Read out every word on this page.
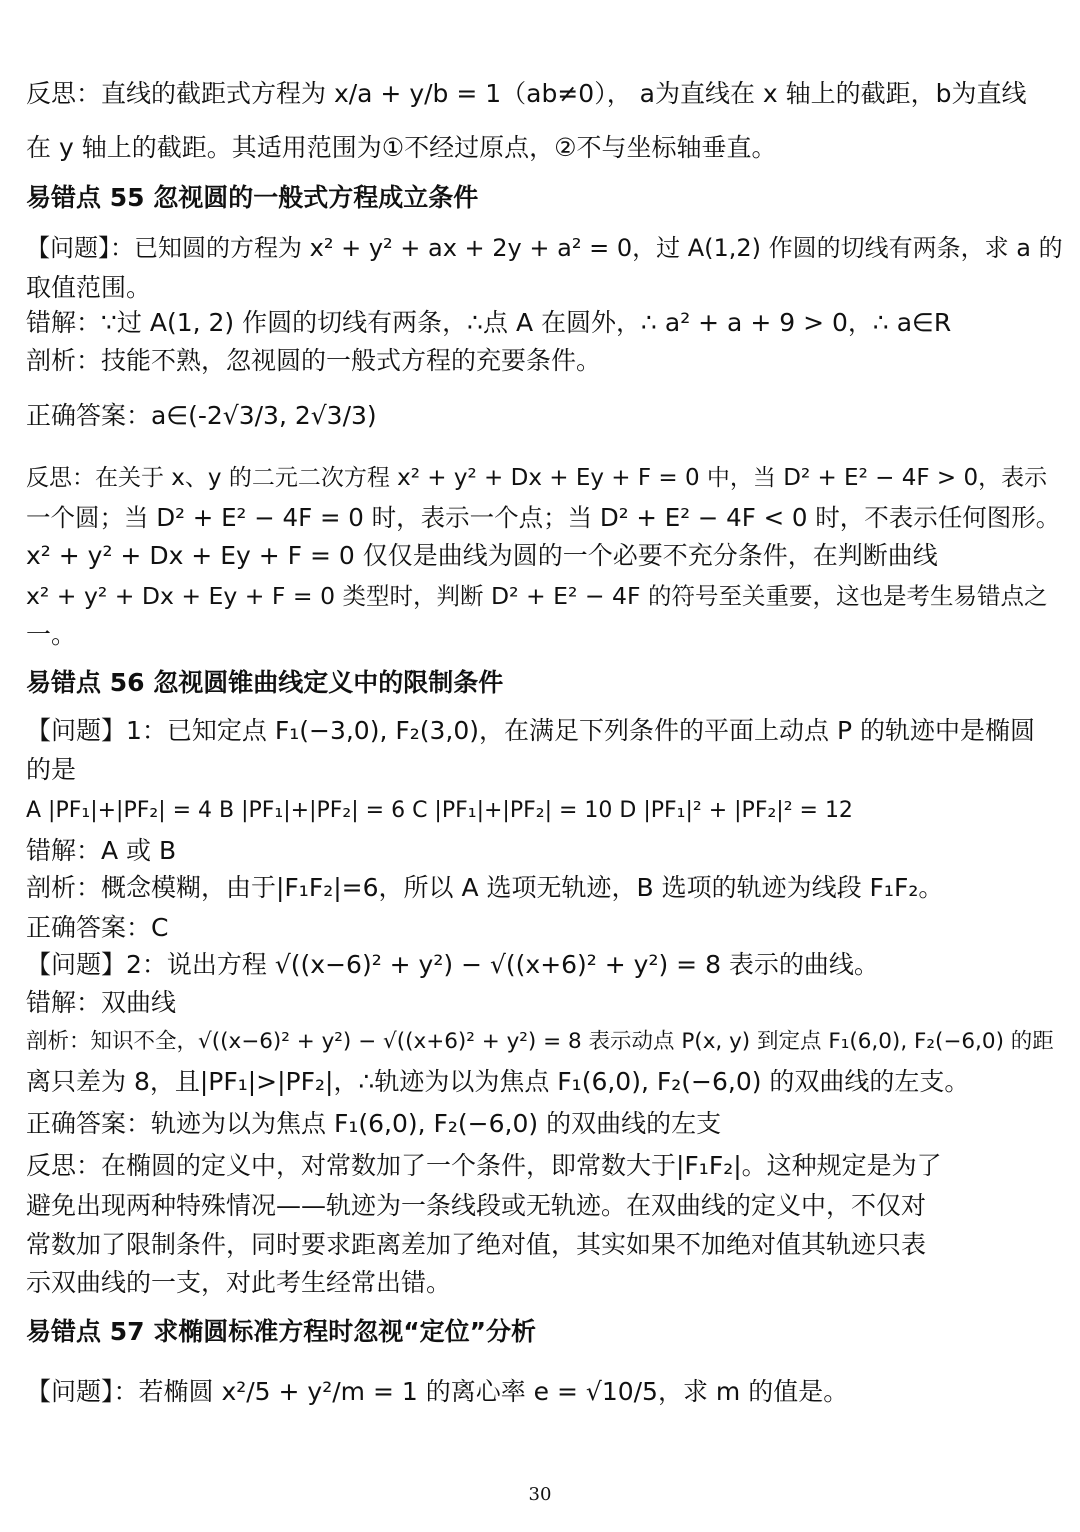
反思：直线的截距式方程为 x/a + y/b = 1（ab≠0）， a为直线在 x 轴上的截距，b为直线
在 y 轴上的截距。其适用范围为①不经过原点，②不与坐标轴垂直。
易错点 55 忽视圆的一般式方程成立条件
【问题】：已知圆的方程为 x² + y² + ax + 2y + a² = 0，过 A(1,2) 作圆的切线有两条，求 a 的
取值范围。
错解：∵过 A(1, 2) 作圆的切线有两条，∴点 A 在圆外，∴ a² + a + 9 > 0，∴ a∈R
剖析：技能不熟，忽视圆的一般式方程的充要条件。
正确答案：a∈(-2√3/3, 2√3/3)
反思：在关于 x、y 的二元二次方程 x² + y² + Dx + Ey + F = 0 中，当 D² + E² − 4F > 0，表示
一个圆；当 D² + E² − 4F = 0 时，表示一个点；当 D² + E² − 4F < 0 时，不表示任何图形。
x² + y² + Dx + Ey + F = 0 仅仅是曲线为圆的一个必要不充分条件，在判断曲线
x² + y² + Dx + Ey + F = 0 类型时，判断 D² + E² − 4F 的符号至关重要，这也是考生易错点之
一。
易错点 56 忽视圆锥曲线定义中的限制条件
【问题】1：已知定点 F₁(−3,0), F₂(3,0)，在满足下列条件的平面上动点 P 的轨迹中是椭圆
的是
A |PF₁|+|PF₂| = 4 B |PF₁|+|PF₂| = 6 C |PF₁|+|PF₂| = 10 D |PF₁|² + |PF₂|² = 12
错解：A 或 B
剖析：概念模糊，由于|F₁F₂|=6，所以 A 选项无轨迹，B 选项的轨迹为线段 F₁F₂。
正确答案：C
【问题】2：说出方程 √((x−6)² + y²) − √((x+6)² + y²) = 8 表示的曲线。
错解：双曲线
剖析：知识不全，√((x−6)² + y²) − √((x+6)² + y²) = 8 表示动点 P(x, y) 到定点 F₁(6,0), F₂(−6,0) 的距
离只差为 8，且|PF₁|>|PF₂|，∴轨迹为以为焦点 F₁(6,0), F₂(−6,0) 的双曲线的左支。
正确答案：轨迹为以为焦点 F₁(6,0), F₂(−6,0) 的双曲线的左支
反思：在椭圆的定义中，对常数加了一个条件，即常数大于|F₁F₂|。这种规定是为了
避免出现两种特殊情况——轨迹为一条线段或无轨迹。在双曲线的定义中，不仅对
常数加了限制条件，同时要求距离差加了绝对值，其实如果不加绝对值其轨迹只表
示双曲线的一支，对此考生经常出错。
易错点 57 求椭圆标准方程时忽视“定位”分析
【问题】：若椭圆 x²/5 + y²/m = 1 的离心率 e = √10/5，求 m 的值是。
30
